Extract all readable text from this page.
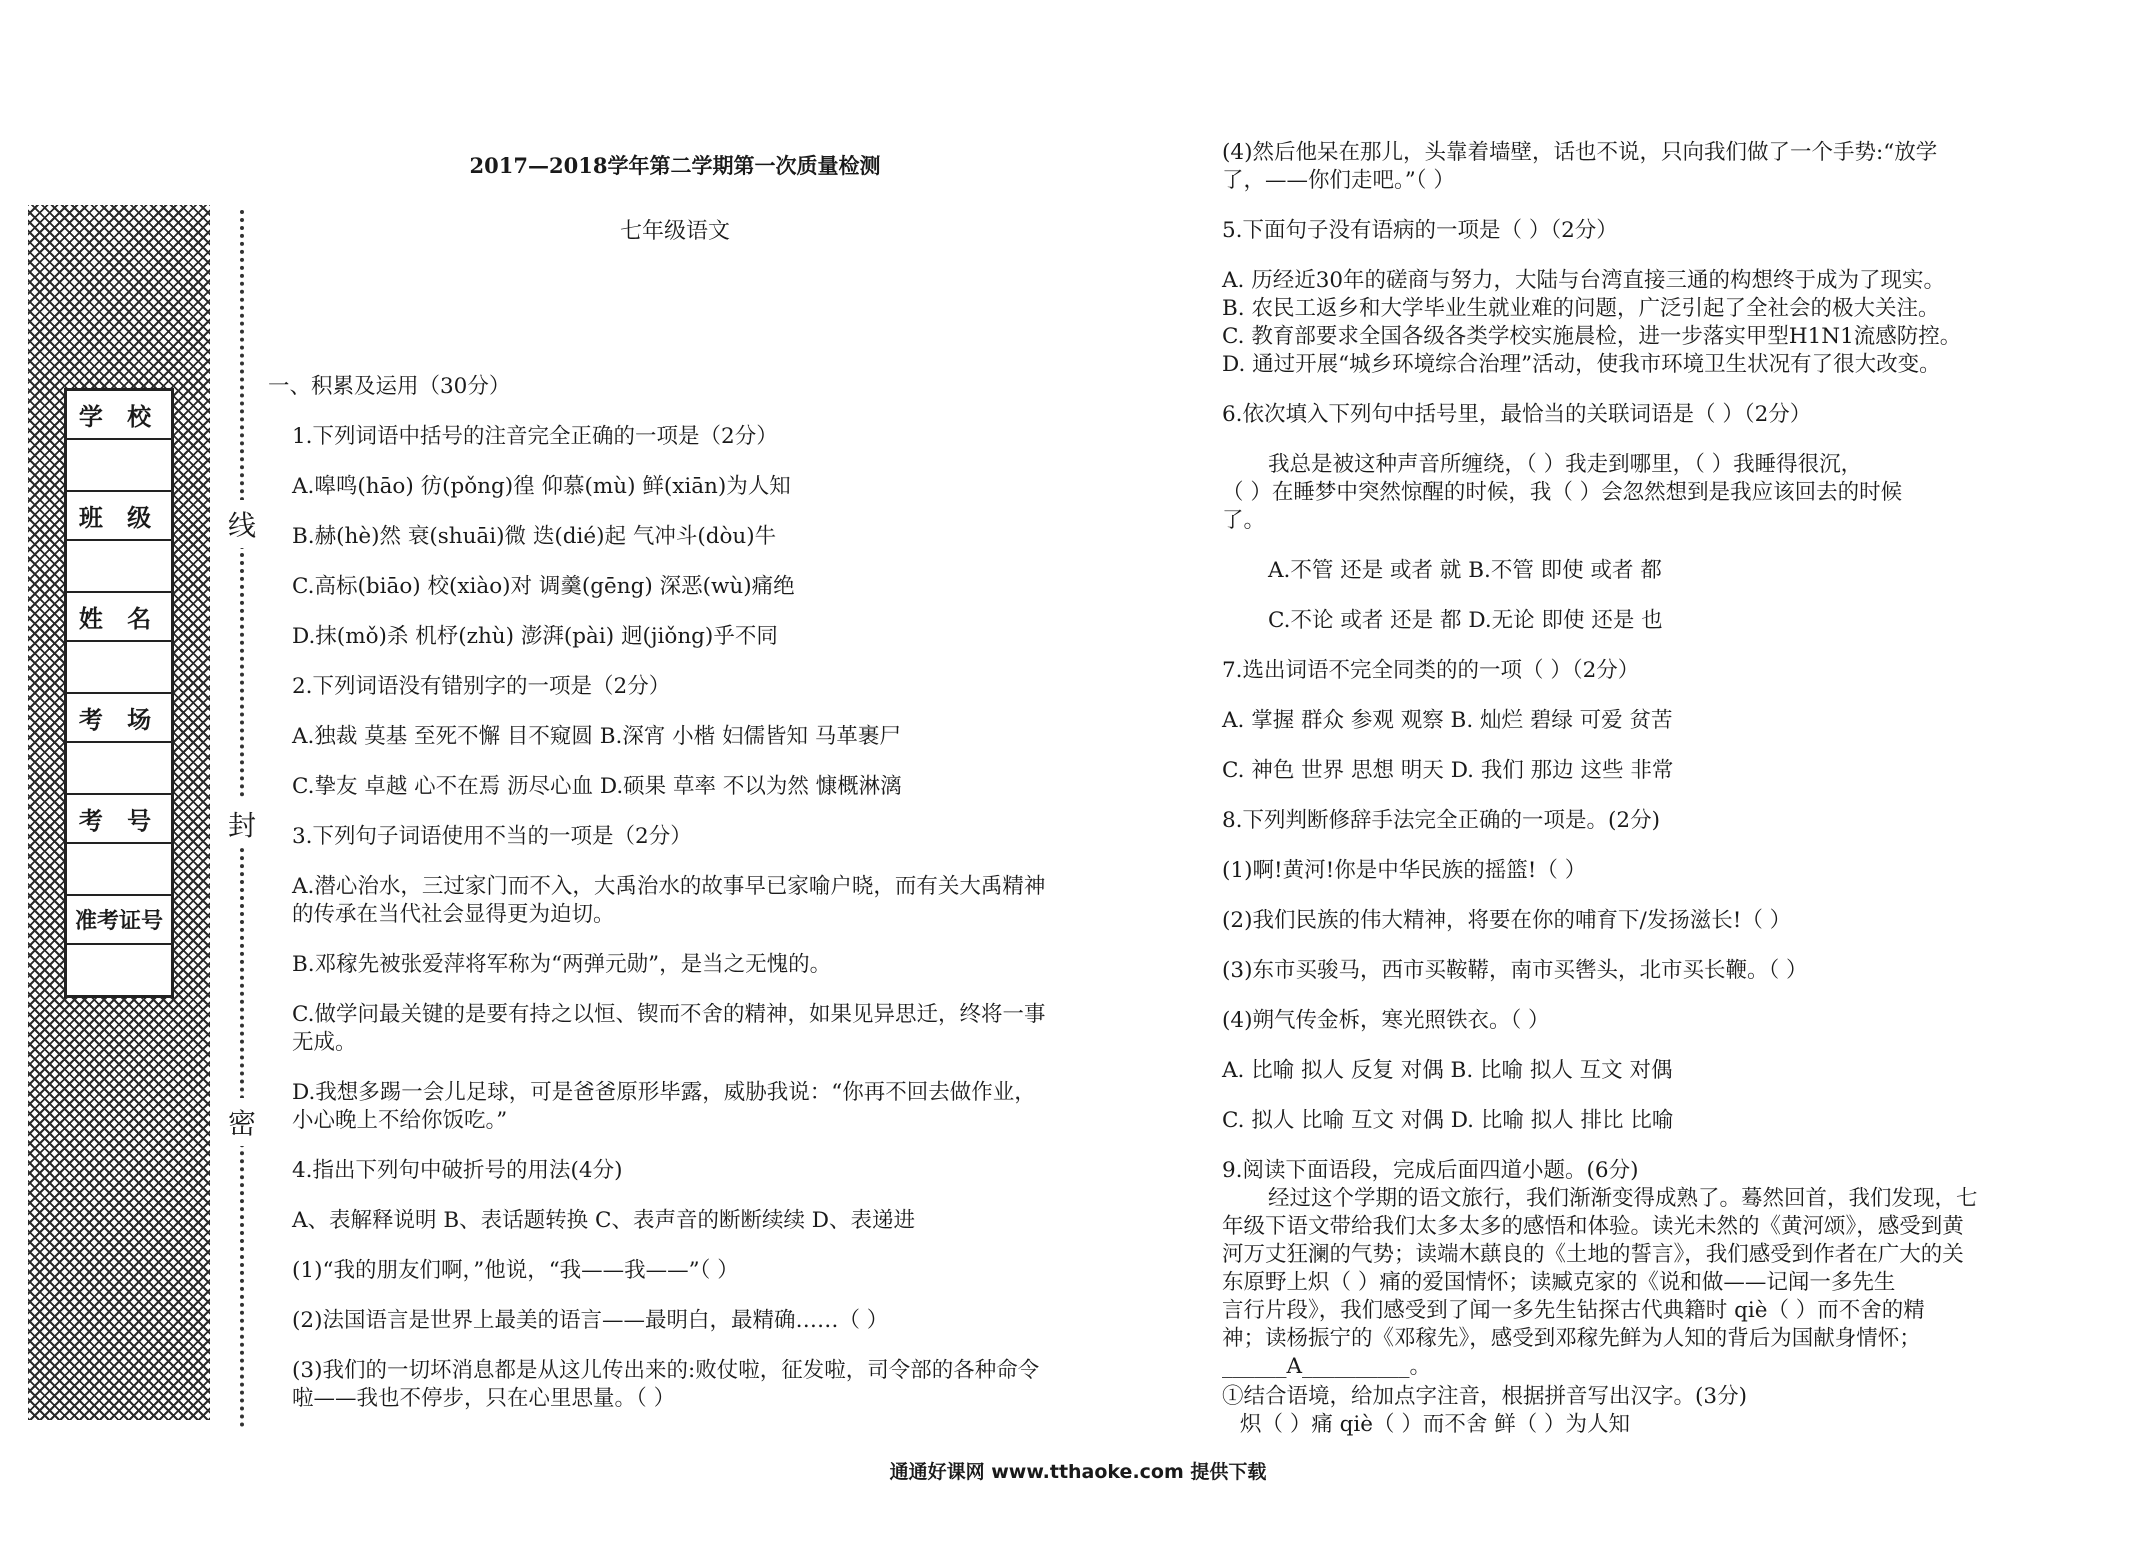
学 校
班 级
姓 名
考 场
考 号
准考证号
线
封
密
2017—2018学年第二学期第一次质量检测
七年级语文
一、积累及运用（30分）
1.下列词语中括号的注音完全正确的一项是（2分）
A.嗥鸣(hāo) 彷(pǒng)徨 仰慕(mù) 鲜(xiān)为人知
B.赫(hè)然 衰(shuāi)微 迭(dié)起 气冲斗(dòu)牛
C.高标(biāo) 校(xiào)对 调羹(gēng) 深恶(wù)痛绝
D.抹(mǒ)杀 机杼(zhù) 澎湃(pài) 迥(jiǒng)乎不同
2.下列词语没有错别字的一项是（2分）
A.独裁 莫基 至死不懈 目不窥圆 B.深宵 小楷 妇儒皆知 马革裹尸
C.挚友 卓越 心不在焉 沥尽心血 D.硕果 草率 不以为然 慷概淋漓
3.下列句子词语使用不当的一项是（2分）
A.潜心治水，三过家门而不入，大禹治水的故事早已家喻户晓，而有关大禹精神
的传承在当代社会显得更为迫切。
B.邓稼先被张爱萍将军称为“两弹元勋”，是当之无愧的。
C.做学问最关键的是要有持之以恒、锲而不舍的精神，如果见异思迁，终将一事
无成。
D.我想多踢一会儿足球，可是爸爸原形毕露，威胁我说：“你再不回去做作业，
小心晚上不给你饭吃。”
4.指出下列句中破折号的用法(4分)
A、表解释说明 B、表话题转换 C、表声音的断断续续 D、表递进
(1)“我的朋友们啊，”他说，“我——我——”（ ）
(2)法国语言是世界上最美的语言——最明白，最精确……（ ）
(3)我们的一切坏消息都是从这儿传出来的:败仗啦，征发啦，司令部的各种命令
啦——我也不停步，只在心里思量。（ ）
(4)然后他呆在那儿，头靠着墙壁，话也不说，只向我们做了一个手势:“放学
了，——你们走吧。”（ ）
5.下面句子没有语病的一项是（ ）（2分）
A. 历经近30年的磋商与努力，大陆与台湾直接三通的构想终于成为了现实。
B. 农民工返乡和大学毕业生就业难的问题，广泛引起了全社会的极大关注。
C. 教育部要求全国各级各类学校实施晨检，进一步落实甲型H1N1流感防控。
D. 通过开展“城乡环境综合治理”活动，使我市环境卫生状况有了很大改变。
6.依次填入下列句中括号里，最恰当的关联词语是（ ）（2分）
我总是被这种声音所缠绕，（ ）我走到哪里，（ ）我睡得很沉，
（ ）在睡梦中突然惊醒的时候，我（ ）会忽然想到是我应该回去的时候
了。
A.不管 还是 或者 就 B.不管 即使 或者 都
C.不论 或者 还是 都 D.无论 即使 还是 也
7.选出词语不完全同类的的一项（ ）（2分）
A. 掌握 群众 参观 观察 B. 灿烂 碧绿 可爱 贫苦
C. 神色 世界 思想 明天 D. 我们 那边 这些 非常
8.下列判断修辞手法完全正确的一项是。(2分)
(1)啊!黄河!你是中华民族的摇篮!（ ）
(2)我们民族的伟大精神，将要在你的哺育下/发扬滋长!（ ）
(3)东市买骏马，西市买鞍鞯，南市买辔头，北市买长鞭。（ ）
(4)朔气传金柝，寒光照铁衣。（ ）
A. 比喻 拟人 反复 对偶 B. 比喻 拟人 互文 对偶
C. 拟人 比喻 互文 对偶 D. 比喻 拟人 排比 比喻
9.阅读下面语段，完成后面四道小题。(6分)
经过这个学期的语文旅行，我们渐渐变得成熟了。蓦然回首，我们发现，七
年级下语文带给我们太多太多的感悟和体验。读光未然的《黄河颂》，感受到黄
河万丈狂澜的气势；读端木蕻良的《土地的誓言》，我们感受到作者在广大的关
东原野上炽（ ）痛的爱国情怀；读臧克家的《说和做——记闻一多先生
言行片段》，我们感受到了闻一多先生钻探古代典籍时 qiè（ ）而不舍的精
神；读杨振宁的《邓稼先》，感受到邓稼先鲜为人知的背后为国献身情怀；
______A__________。
①结合语境，给加点字注音，根据拼音写出汉字。(3分)
炽（ ）痛 qiè（ ）而不舍 鲜（ ）为人知
通通好课网 www.tthaoke.com 提供下载
